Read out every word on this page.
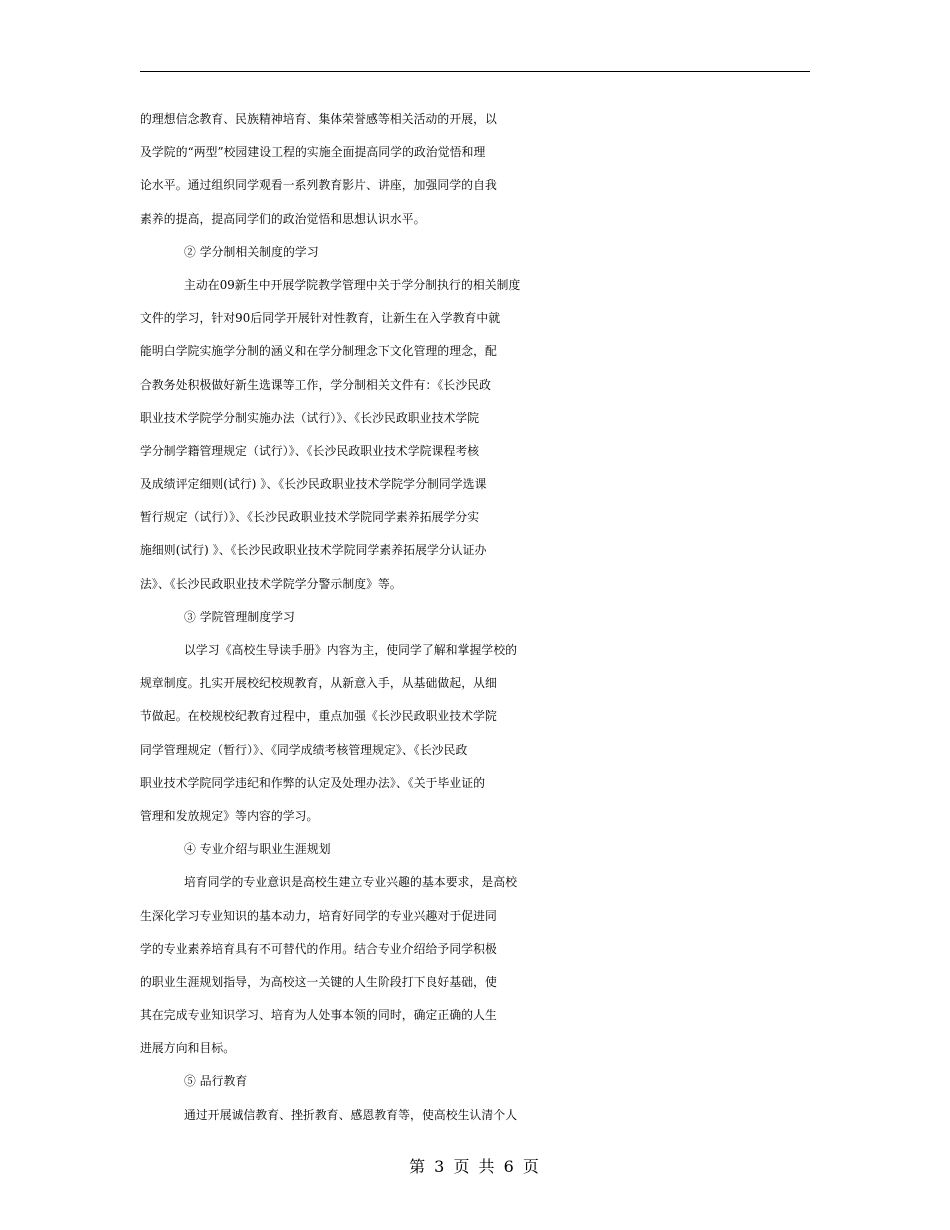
的理想信念教育、民族精神培育、集体荣誉感等相关活动的开展，以
及学院的“两型”校园建设工程的实施全面提高同学的政治觉悟和理
论水平。通过组织同学观看一系列教育影片、讲座，加强同学的自我
素养的提高，提高同学们的政治觉悟和思想认识水平。
② 学分制相关制度的学习
主动在09新生中开展学院教学管理中关于学分制执行的相关制度
文件的学习，针对90后同学开展针对性教育，让新生在入学教育中就
能明白学院实施学分制的涵义和在学分制理念下文化管理的理念，配
合教务处积极做好新生选课等工作，学分制相关文件有：《长沙民政
职业技术学院学分制实施办法（试行）》、《长沙民政职业技术学院
学分制学籍管理规定（试行）》、《长沙民政职业技术学院课程考核
及成绩评定细则(试行) 》、《长沙民政职业技术学院学分制同学选课
暂行规定（试行）》、《长沙民政职业技术学院同学素养拓展学分实
施细则(试行) 》、《长沙民政职业技术学院同学素养拓展学分认证办
法》、《长沙民政职业技术学院学分警示制度》等。
③ 学院管理制度学习
以学习《高校生导读手册》内容为主，使同学了解和掌握学校的
规章制度。扎实开展校纪校规教育，从新意入手，从基础做起，从细
节做起。在校规校纪教育过程中，重点加强《长沙民政职业技术学院
同学管理规定（暂行）》、《同学成绩考核管理规定》、《长沙民政
职业技术学院同学违纪和作弊的认定及处理办法》、《关于毕业证的
管理和发放规定》等内容的学习。
④ 专业介绍与职业生涯规划
培育同学的专业意识是高校生建立专业兴趣的基本要求，是高校
生深化学习专业知识的基本动力，培育好同学的专业兴趣对于促进同
学的专业素养培育具有不可替代的作用。结合专业介绍给予同学积极
的职业生涯规划指导，为高校这一关键的人生阶段打下良好基础，使
其在完成专业知识学习、培育为人处事本领的同时，确定正确的人生
进展方向和目标。
⑤ 品行教育
通过开展诚信教育、挫折教育、感恩教育等，使高校生认清个人
第 3 页 共 6 页
